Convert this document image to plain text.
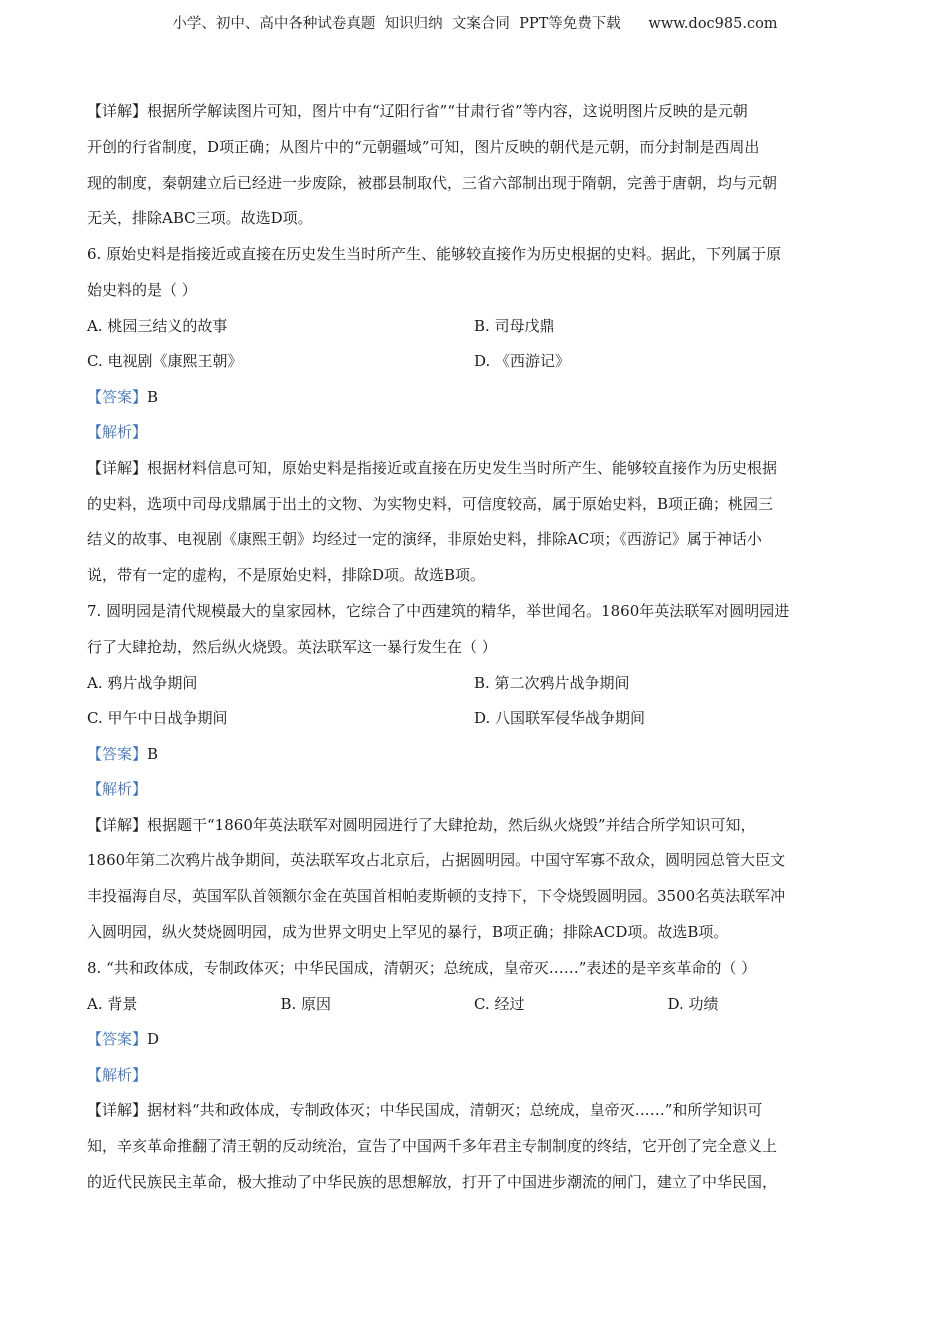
小学、初中、高中各种试卷真题  知识归纳  文案合同  PPT等免费下载      www.doc985.com

【详解】根据所学解读图片可知，图片中有“辽阳行省”“甘肃行省”等内容，这说明图片反映的是元朝

开创的行省制度，D项正确；从图片中的“元朝疆域”可知，图片反映的朝代是元朝，而分封制是西周出

现的制度，秦朝建立后已经进一步废除，被郡县制取代，三省六部制出现于隋朝，完善于唐朝，均与元朝

无关，排除ABC三项。故选D项。

6. 原始史料是指接近或直接在历史发生当时所产生、能够较直接作为历史根据的史料。据此，下列属于原

始史料的是（ ）

A. 桃园三结义的故事	B. 司母戊鼎
C. 电视剧《康熙王朝》	D. 《西游记》
【答案】B
【解析】

【详解】根据材料信息可知，原始史料是指接近或直接在历史发生当时所产生、能够较直接作为历史根据

的史料，选项中司母戊鼎属于出土的文物、为实物史料，可信度较高，属于原始史料，B项正确；桃园三

结义的故事、电视剧《康熙王朝》均经过一定的演绎，非原始史料，排除AC项；《西游记》属于神话小

说，带有一定的虚构，不是原始史料，排除D项。故选B项。

7. 圆明园是清代规模最大的皇家园林，它综合了中西建筑的精华，举世闻名。1860年英法联军对圆明园进

行了大肆抢劫，然后纵火烧毁。英法联军这一暴行发生在（ ）

A. 鸦片战争期间	B. 第二次鸦片战争期间
C. 甲午中日战争期间	D. 八国联军侵华战争期间
【答案】B
【解析】

【详解】根据题干“1860年英法联军对圆明园进行了大肆抢劫，然后纵火烧毁”并结合所学知识可知，

1860年第二次鸦片战争期间，英法联军攻占北京后，占据圆明园。中国守军寡不敌众，圆明园总管大臣文

丰投福海自尽，英国军队首领额尔金在英国首相帕麦斯顿的支持下，下令烧毁圆明园。3500名英法联军冲

入圆明园，纵火焚烧圆明园，成为世界文明史上罕见的暴行，B项正确；排除ACD项。故选B项。

8. “共和政体成，专制政体灭；中华民国成，清朝灭；总统成，皇帝灭……”表述的是辛亥革命的（ ）

A. 背景	B. 原因	C. 经过	D. 功绩
【答案】D
【解析】

【详解】据材料“共和政体成，专制政体灭；中华民国成，清朝灭；总统成，皇帝灭……”和所学知识可

知，辛亥革命推翻了清王朝的反动统治，宣告了中国两千多年君主专制制度的终结，它开创了完全意义上

的近代民族民主革命，极大推动了中华民族的思想解放，打开了中国进步潮流的闸门，建立了中华民国，
